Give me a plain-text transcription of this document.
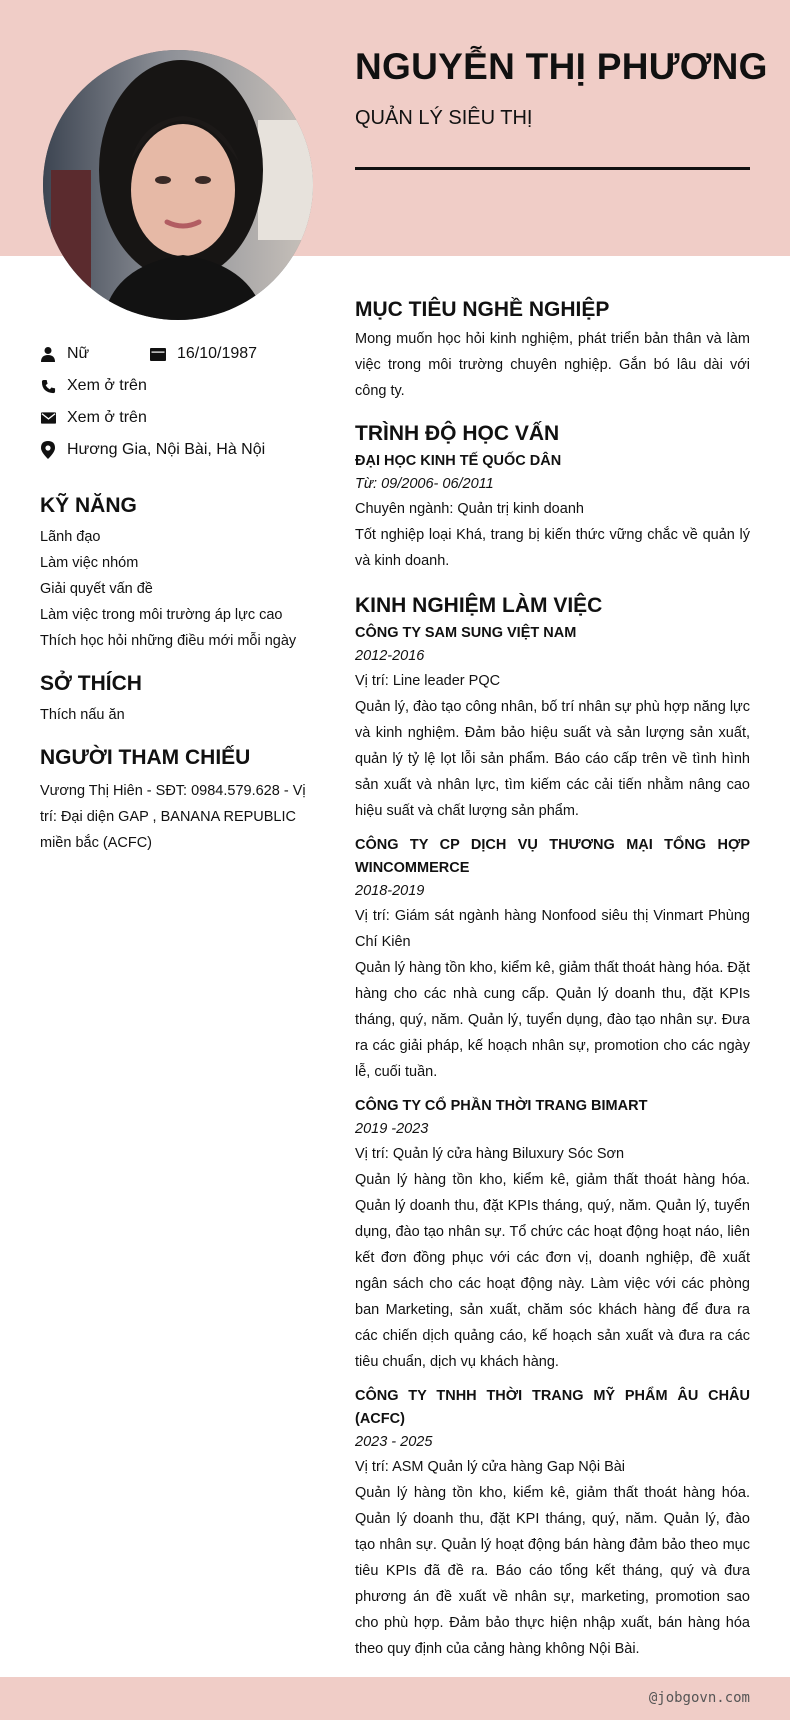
NGUYỄN THỊ PHƯƠNG
QUẢN LÝ SIÊU THỊ
Nữ	16/10/1987
Xem ở trên
Xem ở trên
Hương Gia, Nội Bài, Hà Nội
KỸ NĂNG
Lãnh đạo
Làm việc nhóm
Giải quyết vấn đề
Làm việc trong môi trường áp lực cao
Thích học hỏi những điều mới mỗi ngày
SỞ THÍCH
Thích nấu ăn
NGƯỜI THAM CHIẾU
Vương Thị Hiên - SĐT: 0984.579.628 - Vị trí: Đại diện GAP , BANANA REPUBLIC miền bắc (ACFC)
MỤC TIÊU NGHỀ NGHIỆP
Mong muốn học hỏi kinh nghiệm, phát triển bản thân và làm việc trong môi trường chuyên nghiệp. Gắn bó lâu dài với công ty.
TRÌNH ĐỘ HỌC VẤN
ĐẠI HỌC KINH TẾ QUỐC DÂN
Từ: 09/2006- 06/2011
Chuyên ngành: Quản trị kinh doanh
Tốt nghiệp loại Khá, trang bị kiến thức vững chắc về quản lý và kinh doanh.
KINH NGHIỆM LÀM VIỆC
CÔNG TY SAM SUNG VIỆT NAM
2012-2016
Vị trí: Line leader PQC
Quản lý, đào tạo công nhân, bố trí nhân sự phù hợp năng lực và kinh nghiệm. Đảm bảo hiệu suất và sản lượng sản xuất, quản lý tỷ lệ lọt lỗi sản phẩm. Báo cáo cấp trên về tình hình sản xuất và nhân lực, tìm kiếm các cải tiến nhằm nâng cao hiệu suất và chất lượng sản phẩm.
CÔNG TY CP DỊCH VỤ THƯƠNG MẠI TỔNG HỢP WINCOMMERCE
2018-2019
Vị trí: Giám sát ngành hàng Nonfood siêu thị Vinmart Phùng Chí Kiên
Quản lý hàng tồn kho, kiểm kê, giảm thất thoát hàng hóa. Đặt hàng cho các nhà cung cấp. Quản lý doanh thu, đặt KPIs tháng, quý, năm. Quản lý, tuyển dụng, đào tạo nhân sự. Đưa ra các giải pháp, kế hoạch nhân sự, promotion cho các ngày lễ, cuối tuần.
CÔNG TY CỔ PHẦN THỜI TRANG BIMART
2019 -2023
Vị trí: Quản lý cửa hàng Biluxury Sóc Sơn
Quản lý hàng tồn kho, kiểm kê, giảm thất thoát hàng hóa. Quản lý doanh thu, đặt KPIs tháng, quý, năm. Quản lý, tuyển dụng, đào tạo nhân sự. Tổ chức các hoạt động hoạt náo, liên kết đơn đồng phục với các đơn vị, doanh nghiệp, đề xuất ngân sách cho các hoạt động này. Làm việc với các phòng ban Marketing, sản xuất, chăm sóc khách hàng để đưa ra các chiến dịch quảng cáo, kế hoạch sản xuất và đưa ra các tiêu chuẩn, dịch vụ khách hàng.
CÔNG TY TNHH THỜI TRANG MỸ PHẨM ÂU CHÂU (ACFC)
2023 - 2025
Vị trí: ASM Quản lý cửa hàng Gap Nội Bài
Quản lý hàng tồn kho, kiểm kê, giảm thất thoát hàng hóa. Quản lý doanh thu, đặt KPI tháng, quý, năm. Quản lý, đào tạo nhân sự. Quản lý hoạt động bán hàng đảm bảo theo mục tiêu KPIs đã đề ra. Báo cáo tổng kết tháng, quý và đưa phương án đề xuất về nhân sự, marketing, promotion sao cho phù hợp. Đảm bảo thực hiện nhập xuất, bán hàng hóa theo quy định của cảng hàng không Nội Bài.
@jobgovn.com
